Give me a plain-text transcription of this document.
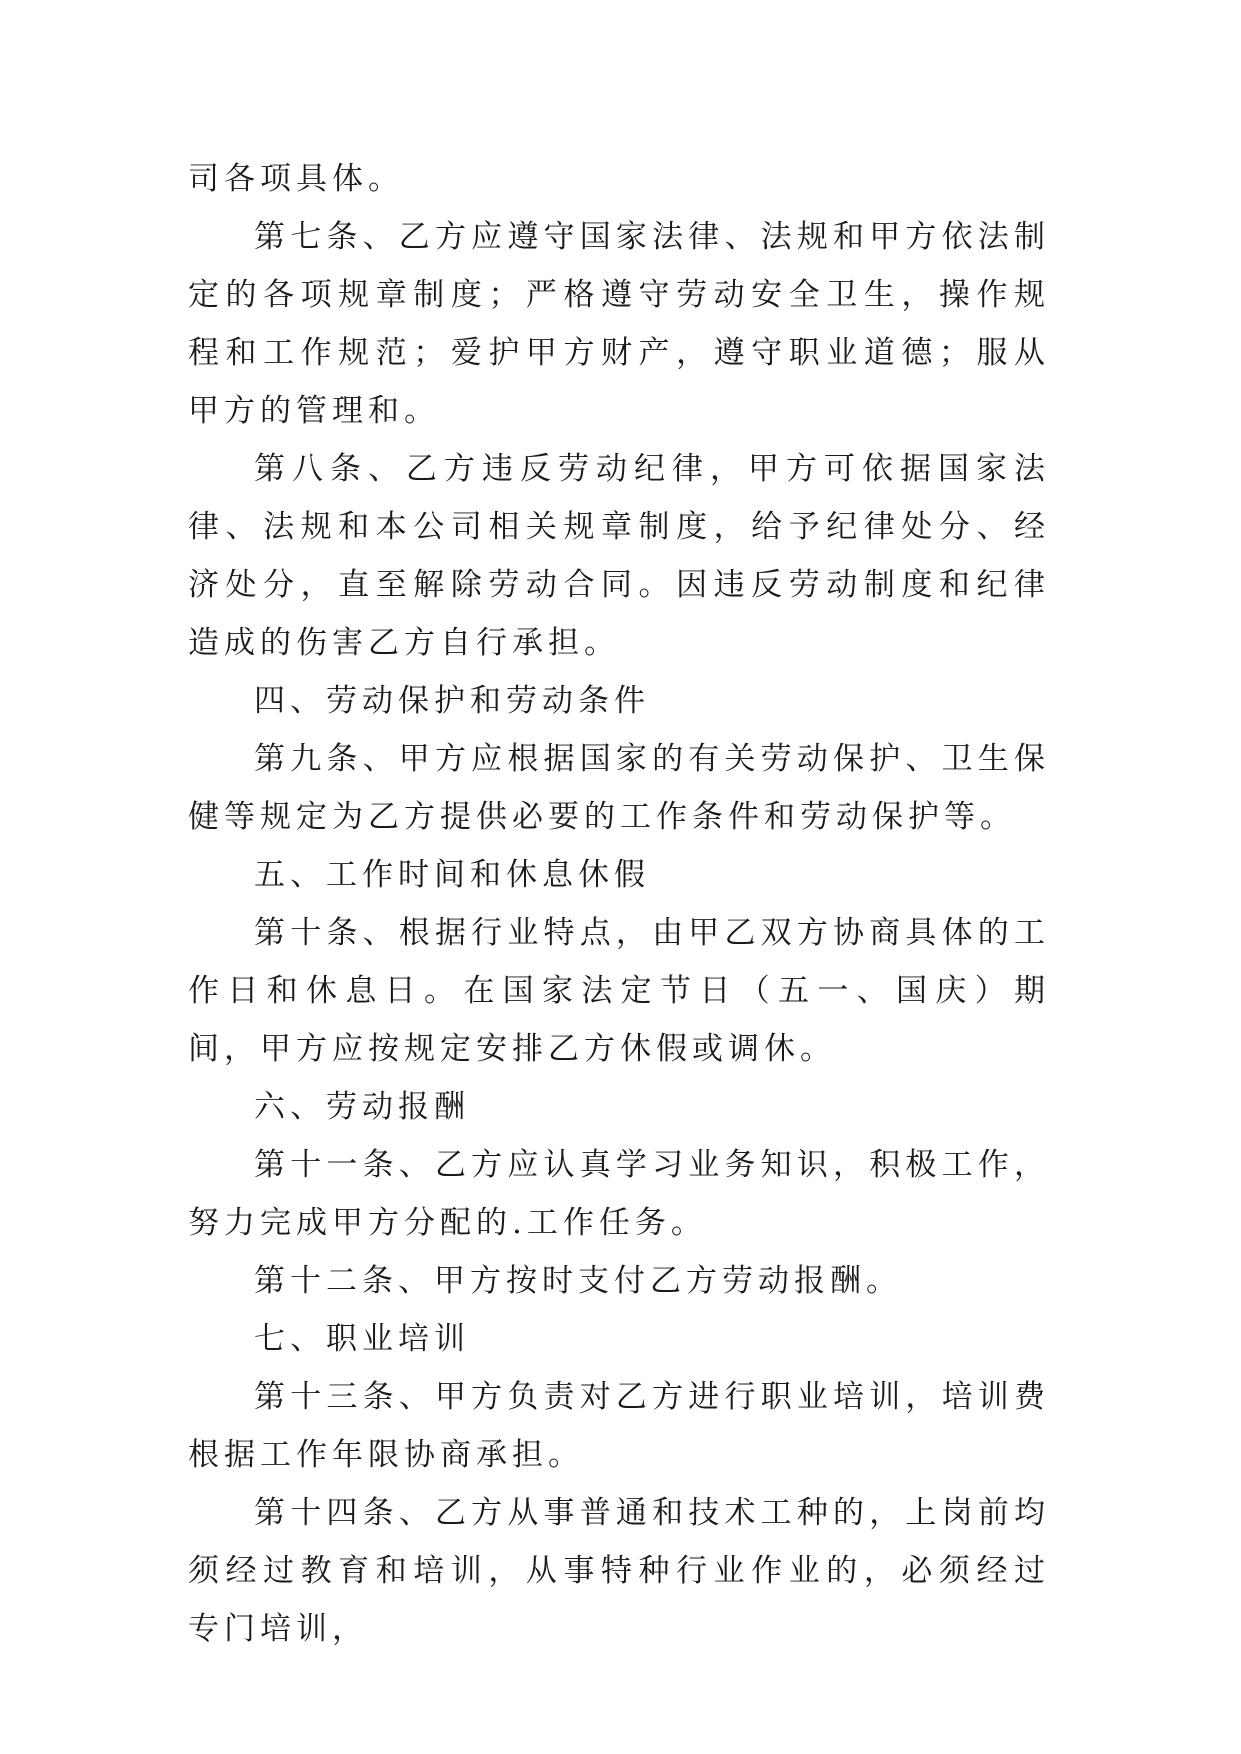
司各项具体。

第七条、乙方应遵守国家法律、法规和甲方依法制定的各项规章制度；严格遵守劳动安全卫生，操作规程和工作规范；爱护甲方财产，遵守职业道德；服从甲方的管理和。

第八条、乙方违反劳动纪律，甲方可依据国家法律、法规和本公司相关规章制度，给予纪律处分、经济处分，直至解除劳动合同。因违反劳动制度和纪律造成的伤害乙方自行承担。

四、劳动保护和劳动条件

第九条、甲方应根据国家的有关劳动保护、卫生保健等规定为乙方提供必要的工作条件和劳动保护等。

五、工作时间和休息休假

第十条、根据行业特点，由甲乙双方协商具体的工作日和休息日。在国家法定节日（五一、国庆）期间，甲方应按规定安排乙方休假或调休。

六、劳动报酬

第十一条、乙方应认真学习业务知识，积极工作，努力完成甲方分配的.工作任务。

第十二条、甲方按时支付乙方劳动报酬。

七、职业培训

第十三条、甲方负责对乙方进行职业培训，培训费根据工作年限协商承担。

第十四条、乙方从事普通和技术工种的，上岗前均须经过教育和培训，从事特种行业作业的，必须经过专门培训，
